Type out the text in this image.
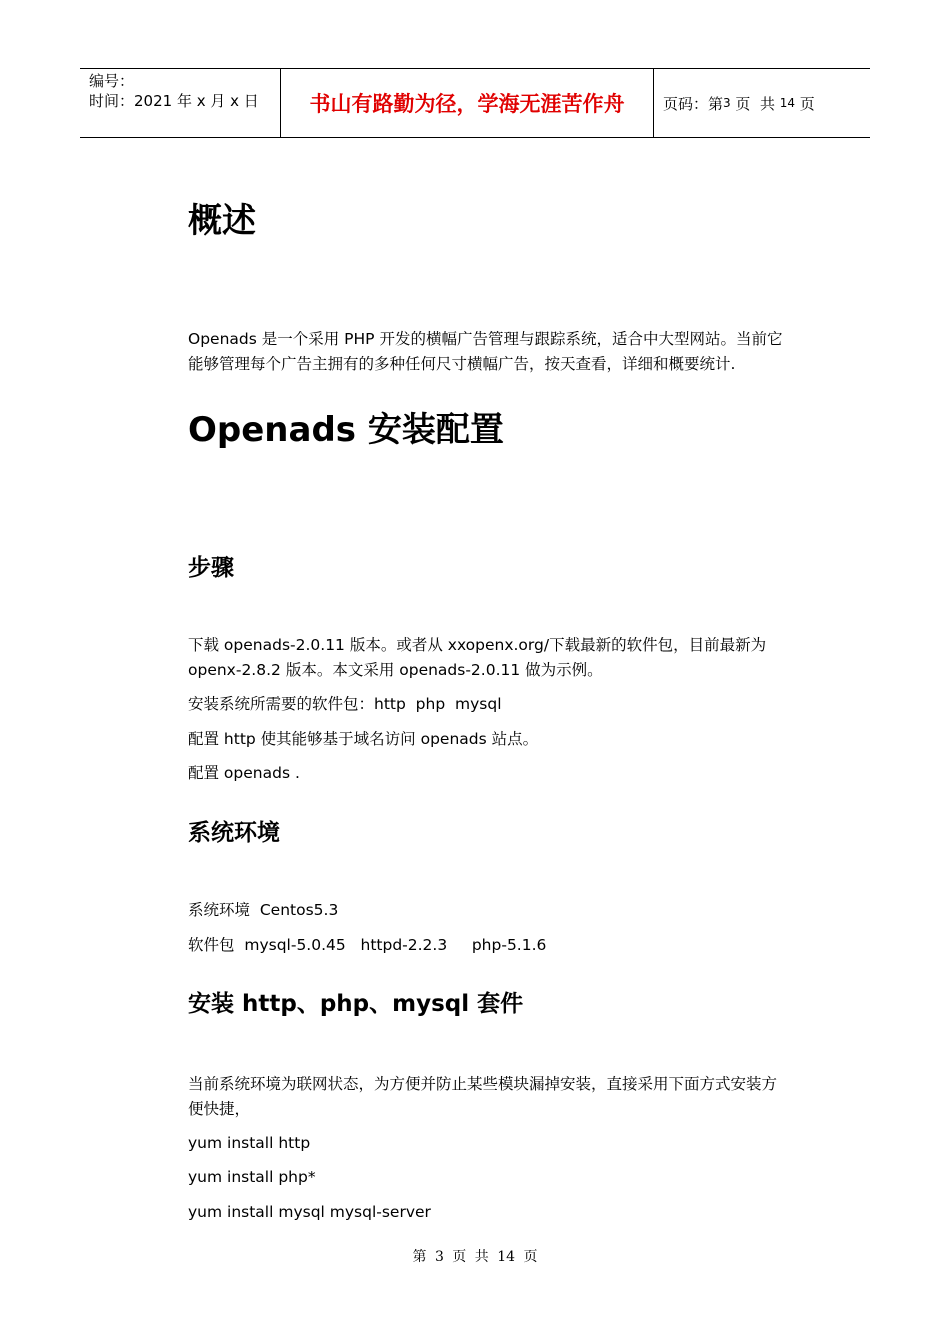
编号：
时间：2021 年 x 月 x 日	书山有路勤为径，学海无涯苦作舟	页码：第 3 页  共 14 页
概述
Openads 是一个采用 PHP 开发的横幅广告管理与跟踪系统，适合中大型网站。当前它
能够管理每个广告主拥有的多种任何尺寸横幅广告，按天查看，详细和概要统计.
Openads 安装配置
步骤
下载 openads-2.0.11 版本。或者从 xxopenx.org/下载最新的软件包，目前最新为
openx-2.8.2 版本。本文采用 openads-2.0.11 做为示例。
安装系统所需要的软件包：http  php  mysql
配置 http 使其能够基于域名访问 openads 站点。
配置 openads .
系统环境
系统环境  Centos5.3
软件包  mysql-5.0.45   httpd-2.2.3     php-5.1.6
安装 http、php、mysql 套件
当前系统环境为联网状态，为方便并防止某些模块漏掉安装，直接采用下面方式安装方
便快捷，
yum install http
yum install php*
yum install mysql mysql-server
第 3 页 共 14 页
